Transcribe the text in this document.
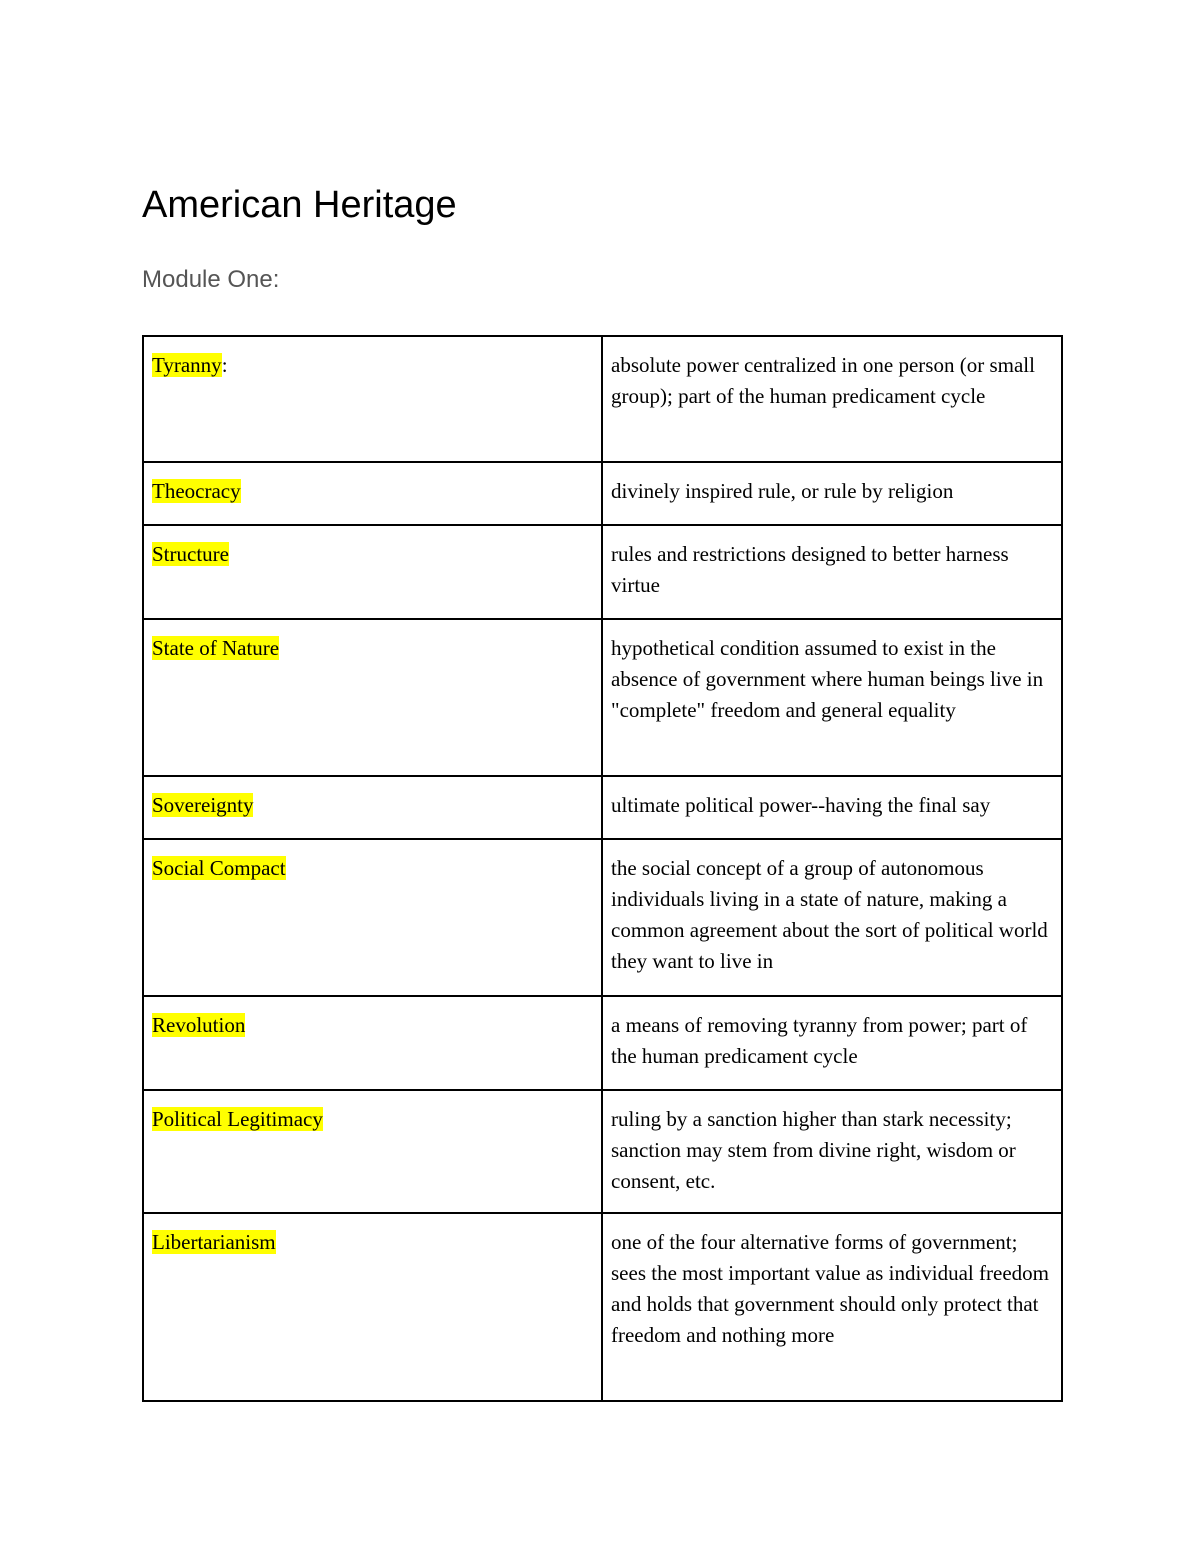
American Heritage
Module One:
Tyranny:	absolute power centralized in one person (or small group); part of the human predicament cycle
Theocracy	divinely inspired rule, or rule by religion
Structure	rules and restrictions designed to better harness virtue
State of Nature	hypothetical condition assumed to exist in the absence of government where human beings live in "complete" freedom and general equality
Sovereignty	ultimate political power--having the final say
Social Compact	the social concept of a group of autonomous individuals living in a state of nature, making a common agreement about the sort of political world they want to live in
Revolution	a means of removing tyranny from power; part of the human predicament cycle
Political Legitimacy	ruling by a sanction higher than stark necessity; sanction may stem from divine right, wisdom or consent, etc.
Libertarianism	one of the four alternative forms of government; sees the most important value as individual freedom and holds that government should only protect that freedom and nothing more
